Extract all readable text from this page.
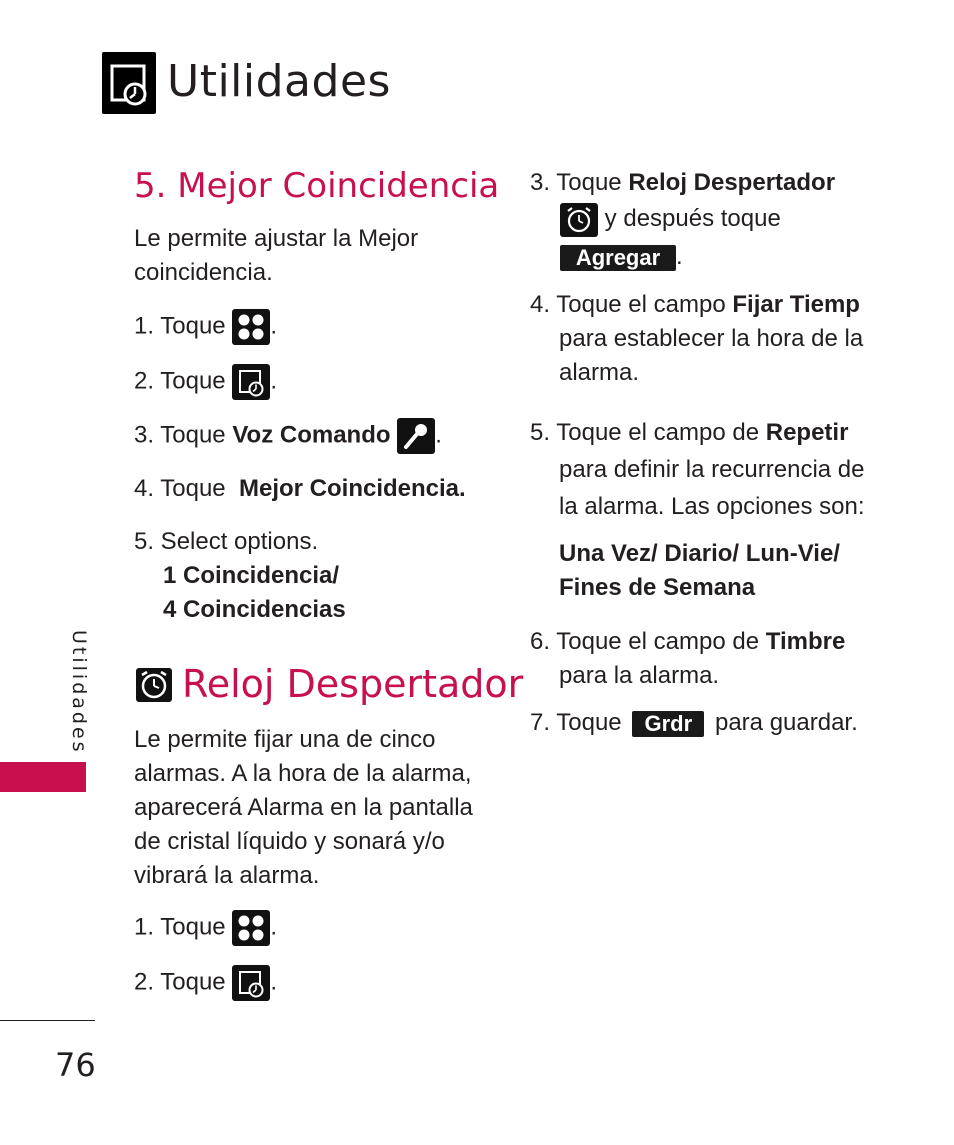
Utilidades
Utilidades
76
5. Mejor Coincidencia
Le permite ajustar la Mejor
coincidencia.
1. Toque .
2. Toque .
3. Toque Voz Comando .
4. Toque Mejor Coincidencia.
5. Select options.
1 Coincidencia/
4 Coincidencias
Reloj Despertador
Le permite fijar una de cinco
alarmas. A la hora de la alarma,
aparecerá Alarma en la pantalla
de cristal líquido y sonará y/o
vibrará la alarma.
1. Toque .
2. Toque .
3. Toque Reloj Despertador
y después toque
Agregar .
4. Toque el campo Fijar Tiemp
para establecer la hora de la
alarma.
5. Toque el campo de Repetir
para definir la recurrencia de
la alarma. Las opciones son:
Una Vez/ Diario/ Lun-Vie/
Fines de Semana
6. Toque el campo de Timbre
para la alarma.
7. Toque Grdr para guardar.
